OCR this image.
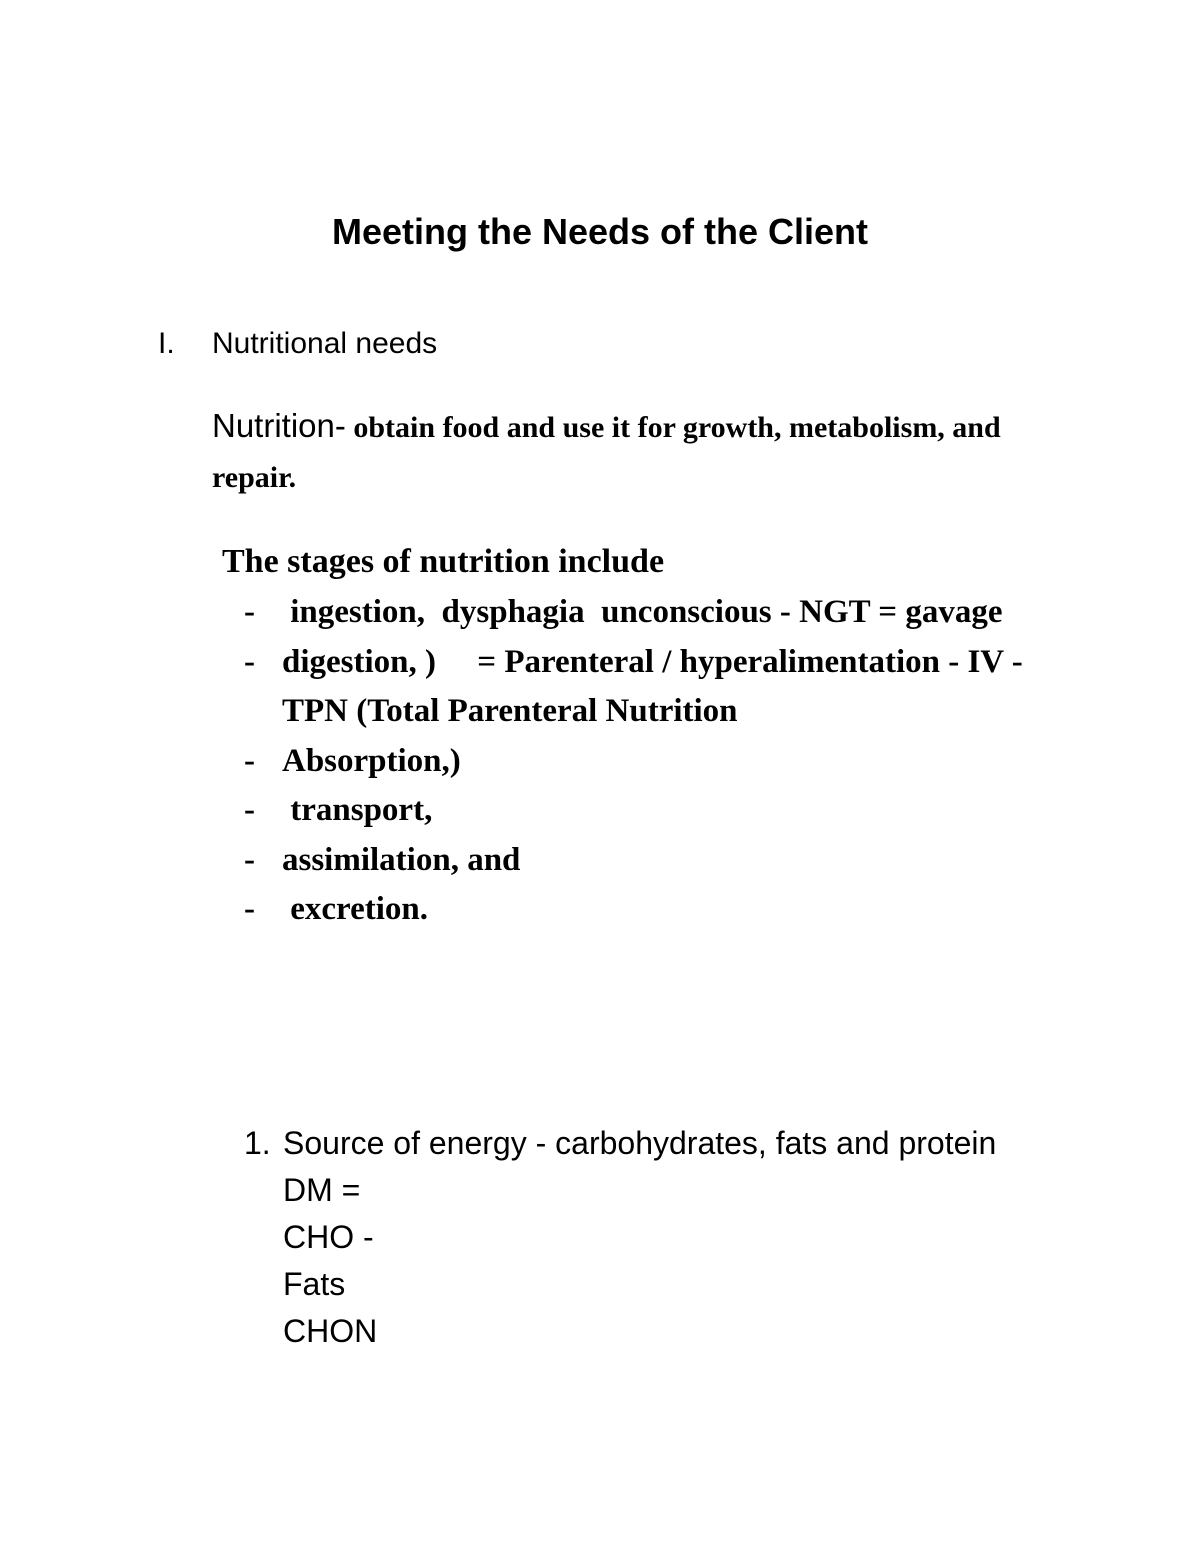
Meeting the Needs of the Client
I. Nutritional needs
Nutrition- obtain food and use it for growth, metabolism, and repair.
The stages of nutrition include
- ingestion,  dysphagia  unconscious - NGT = gavage
- digestion, )     = Parenteral / hyperalimentation - IV - TPN (Total Parenteral Nutrition
- Absorption,)
- transport,
- assimilation, and
- excretion.
1. Source of energy - carbohydrates, fats and protein
DM =
CHO -
Fats
CHON
